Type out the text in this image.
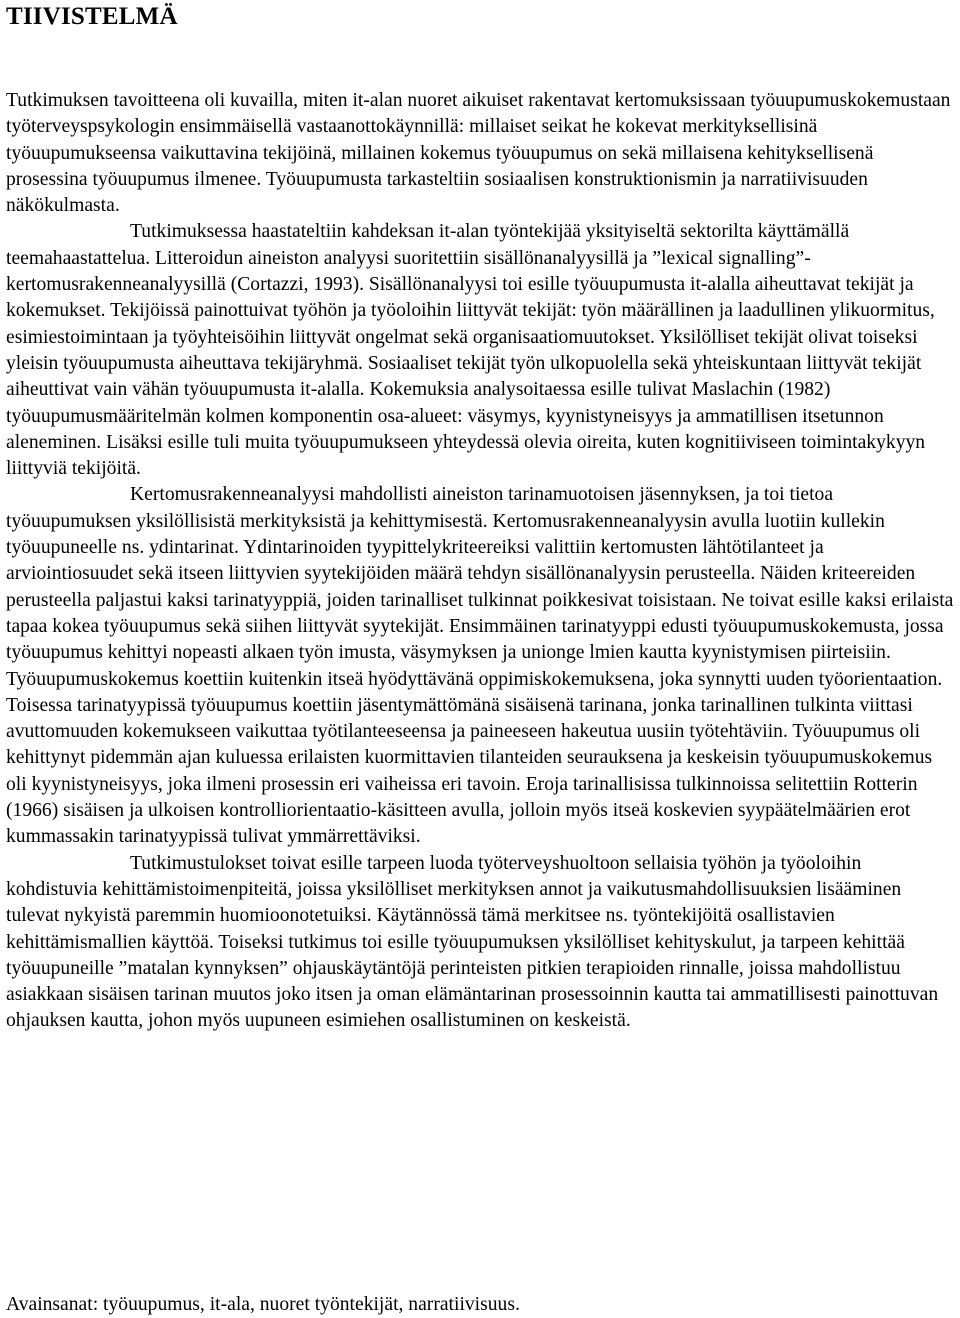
TIIVISTELMÄ

Tutkimuksen tavoitteena oli kuvailla, miten it-alan nuoret aikuiset rakentavat kertomuksissaan työuupumuskokemustaan työterveyspsykologin ensimmäisellä vastaanottokäynnillä: millaiset seikat he kokevat merkityksellisinä työuupumukseensa vaikuttavina tekijöinä, millainen kokemus työuupumus on sekä millaisena kehityksellisenä prosessina työuupumus ilmenee. Työuupumusta tarkasteltiin sosiaalisen konstruktionismin ja narratiivisuuden näkökulmasta.

Tutkimuksessa haastateltiin kahdeksan it-alan työntekijää yksityiseltä sektorilta käyttämällä teemahaastattelua. Litteroidun aineiston analyysi suoritettiin sisällönanalyysillä ja ”lexical signalling”-kertomusrakenneanalyysillä (Cortazzi, 1993). Sisällönanalyysi toi esille työuupumusta it-alalla aiheuttavat tekijät ja kokemukset. Tekijöissä painottuivat työhön ja työoloihin liittyvät tekijät: työn määrällinen ja laadullinen ylikuormitus, esimiestoimintaan ja työyhteisöihin liittyvät ongelmat sekä organisaatiomuutokset. Yksilölliset tekijät olivat toiseksi yleisin työuupumusta aiheuttava tekijäryhmä. Sosiaaliset tekijät työn ulkopuolella sekä yhteiskuntaan liittyvät tekijät aiheuttivat vain vähän työuupumusta it-alalla. Kokemuksia analysoitaessa esille tulivat Maslachin (1982) työuupumusmääritelmän kolmen komponentin osa-alueet: väsymys, kyynistyneisyys ja ammatillisen itsetunnon aleneminen. Lisäksi esille tuli muita työuupumukseen yhteydessä olevia oireita, kuten kognitiiviseen toimintakykyyn liittyviä tekijöitä.

Kertomusrakenneanalyysi mahdollisti aineiston tarinamuotoisen jäsennyksen, ja toi tietoa työuupumuksen yksilöllisistä merkityksistä ja kehittymisestä. Kertomusrakenneanalyysin avulla luotiin kullekin työuupuneelle ns. ydintarinat. Ydintarinoiden tyypittelykriteereiksi valittiin kertomusten lähtötilanteet ja arviointiosuudet sekä itseen liittyvien syytekijöiden määrä tehdyn sisällönanalyysin perusteella. Näiden kriteereiden perusteella paljastui kaksi tarinatyyppiä, joiden tarinalliset tulkinnat poikkesivat toisistaan. Ne toivat esille kaksi erilaista tapaa kokea työuupumus sekä siihen liittyvät syytekijät. Ensimmäinen tarinatyyppi edusti työuupumuskokemusta, jossa työuupumus kehittyi nopeasti alkaen työn imusta, väsymyksen ja unionge lmien kautta kyynistymisen piirteisiin. Työuupumuskokemus koettiin kuitenkin itseä hyödyttävänä oppimiskokemuksena, joka synnytti uuden työorientaation. Toisessa tarinatyypissä työuupumus koettiin jäsentymättömänä sisäisenä tarinana, jonka tarinallinen tulkinta viittasi avuttomuuden kokemukseen vaikuttaa työtilanteeseensa ja paineeseen hakeutua uusiin työtehtäviin. Työuupumus oli kehittynyt pidemmän ajan kuluessa erilaisten kuormittavien tilanteiden seurauksena ja keskeisin työuupumuskokemus oli kyynistyneisyys, joka ilmeni prosessin eri vaiheissa eri tavoin. Eroja tarinallisissa tulkinnoissa selitettiin Rotterin (1966) sisäisen ja ulkoisen kontrolliorientaatio-käsitteen avulla, jolloin myös itseä koskevien syypäätelmäärien erot kummassakin tarinatyypissä tulivat ymmärrettäviksi.

Tutkimustulokset toivat esille tarpeen luoda työterveyshuoltoon sellaisia työhön ja työoloihin kohdistuvia kehittämistoimenpiteitä, joissa yksilölliset merkityksen annot ja vaikutusmahdollisuuksien lisääminen tulevat nykyistä paremmin huomioonotetuiksi. Käytännössä tämä merkitsee ns. työntekijöitä osallistavien kehittämismallien käyttöä. Toiseksi tutkimus toi esille työuupumuksen yksilölliset kehityskulut, ja tarpeen kehittää työuupuneille ”matalan kynnyksen” ohjauskäytäntöjä perinteisten pitkien terapioiden rinnalle, joissa mahdollistuu asiakkaan sisäisen tarinan muutos joko itsen ja oman elämäntarinan prosessoinnin kautta tai ammatillisesti painottuvan ohjauksen kautta, johon myös uupuneen esimiehen osallistuminen on keskeistä.

Avainsanat: työuupumus, it-ala, nuoret työntekijät, narratiivisuus.
